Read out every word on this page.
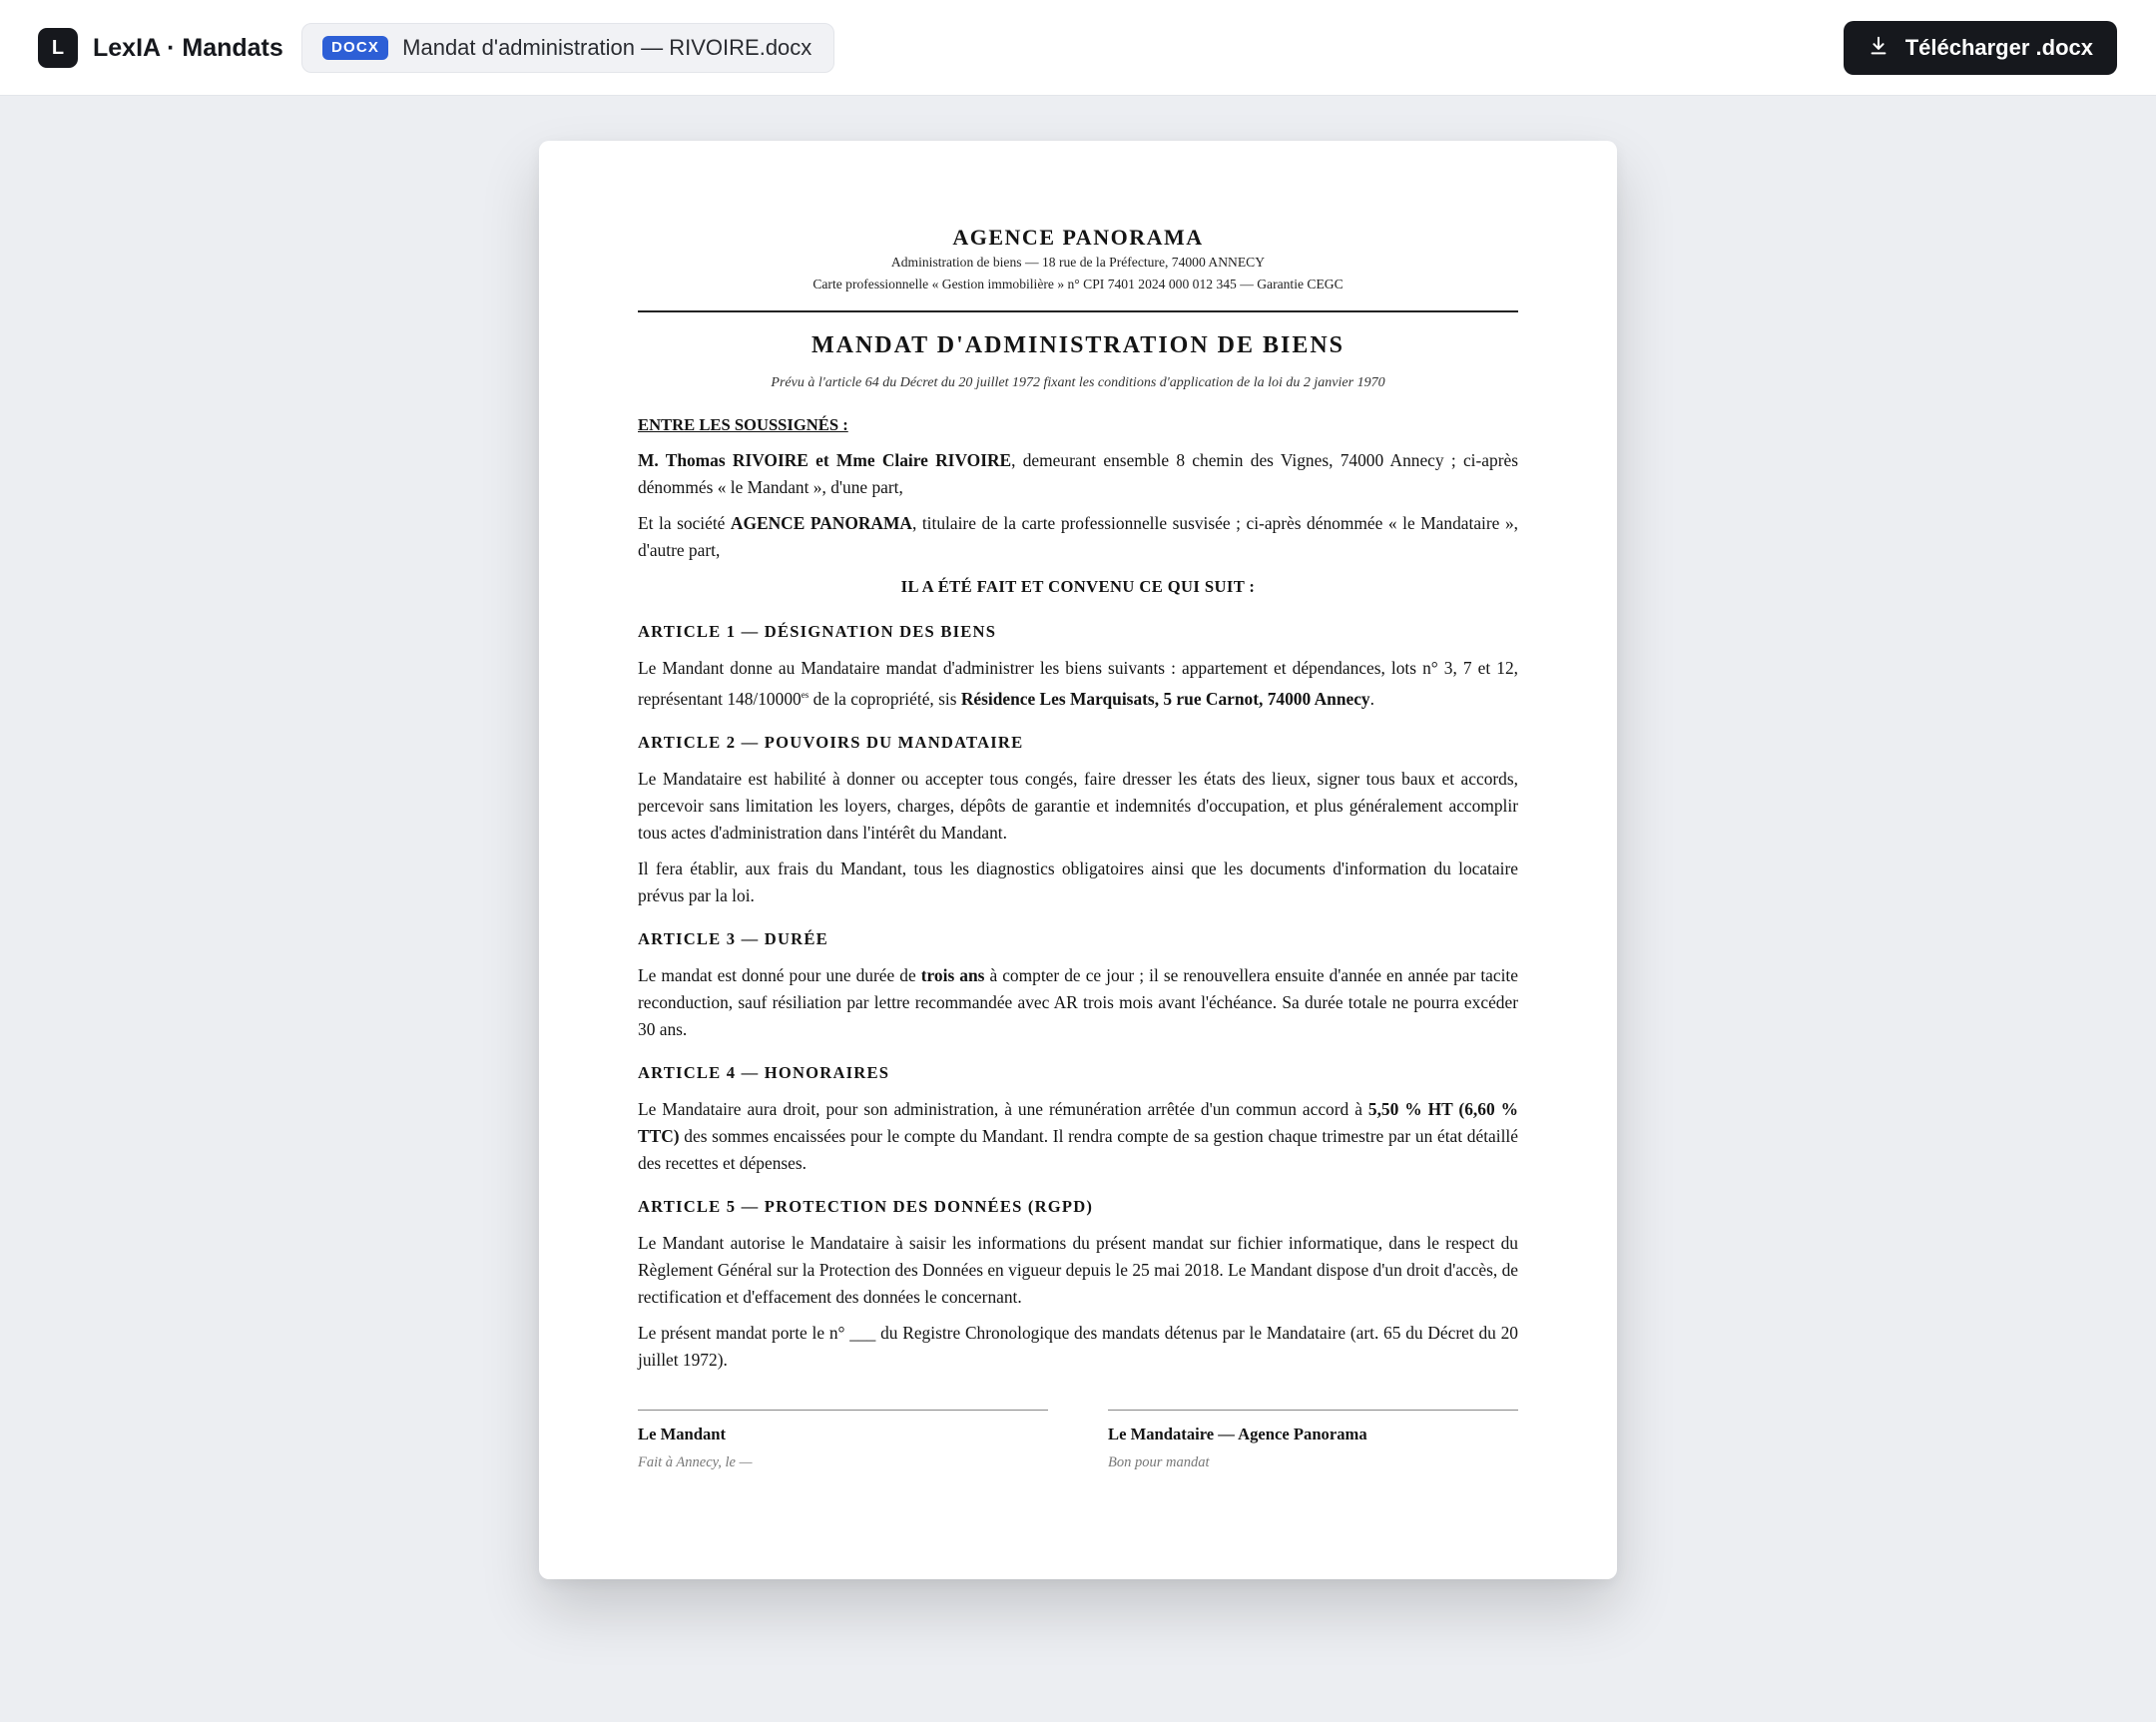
L LexIA · Mandats	DOCX	Mandat d'administration — RIVOIRE.docx	Télécharger .docx
AGENCE PANORAMA
Administration de biens — 18 rue de la Préfecture, 74000 ANNECY
Carte professionnelle « Gestion immobilière » n° CPI 7401 2024 000 012 345 — Garantie CEGC
MANDAT D'ADMINISTRATION DE BIENS
Prévu à l'article 64 du Décret du 20 juillet 1972 fixant les conditions d'application de la loi du 2 janvier 1970
ENTRE LES SOUSSIGNÉS :

M. Thomas RIVOIRE et Mme Claire RIVOIRE, demeurant ensemble 8 chemin des Vignes, 74000 Annecy ; ci-après dénommés « le Mandant », d'une part,

Et la société AGENCE PANORAMA, titulaire de la carte professionnelle susvisée ; ci-après dénommée « le Mandataire », d'autre part,

IL A ÉTÉ FAIT ET CONVENU CE QUI SUIT :
ARTICLE 1 — DÉSIGNATION DES BIENS

Le Mandant donne au Mandataire mandat d'administrer les biens suivants : appartement et dépendances, lots n° 3, 7 et 12, représentant $148/10000^{es}$ de la copropriété, sis Résidence Les Marquisats, 5 rue Carnot, 74000 Annecy.

ARTICLE 2 — POUVOIRS DU MANDATAIRE

Le Mandataire est habilité à donner ou accepter tous congés, faire dresser les états des lieux, signer tous baux et accords, percevoir sans limitation les loyers, charges, dépôts de garantie et indemnités d'occupation, et plus généralement accomplir tous actes d'administration dans l'intérêt du Mandant.

Il fera établir, aux frais du Mandant, tous les diagnostics obligatoires ainsi que les documents d'information du locataire prévus par la loi.

ARTICLE 3 — DURÉE

Le mandat est donné pour une durée de trois ans à compter de ce jour ; il se renouvellera ensuite d'année en année par tacite reconduction, sauf résiliation par lettre recommandée avec AR trois mois avant l'échéance. Sa durée totale ne pourra excéder 30 ans.

ARTICLE 4 — HONORAIRES

Le Mandataire aura droit, pour son administration, à une rémunération arrêtée d'un commun accord à 5,50 % HT (6,60 % TTC) des sommes encaissées pour le compte du Mandant. Il rendra compte de sa gestion chaque trimestre par un état détaillé des recettes et dépenses.

ARTICLE 5 — PROTECTION DES DONNÉES (RGPD)

Le Mandant autorise le Mandataire à saisir les informations du présent mandat sur fichier informatique, dans le respect du Règlement Général sur la Protection des Données en vigueur depuis le 25 mai 2018. Le Mandant dispose d'un droit d'accès, de rectification et d'effacement des données le concernant.

Le présent mandat porte le n° ___ du Registre Chronologique des mandats détenus par le Mandataire (art. 65 du Décret du 20 juillet 1972).

Le Mandant
Fait à Annecy, le —
Le Mandataire — Agence Panorama
Bon pour mandat
